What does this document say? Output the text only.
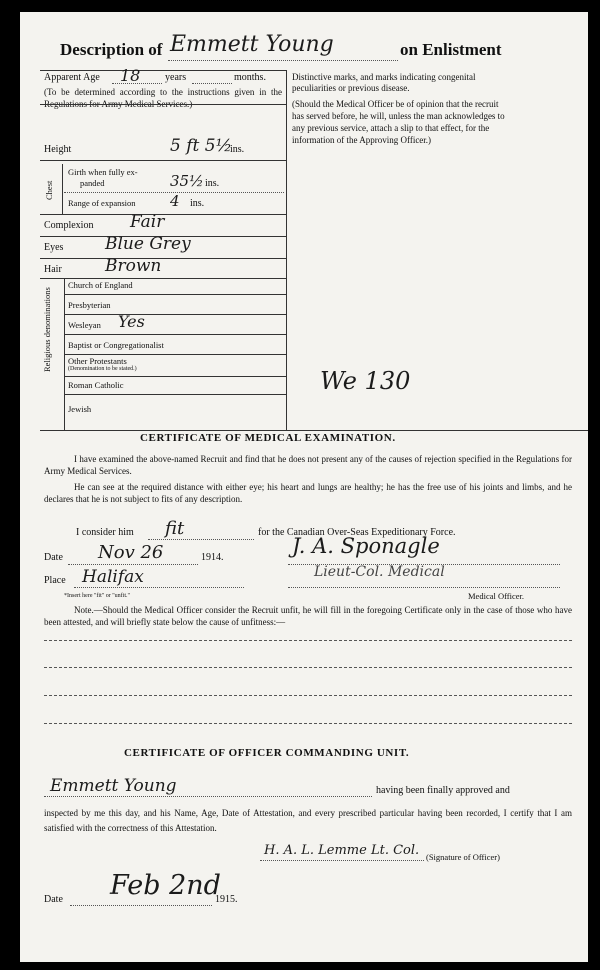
Description of Emmett Young	on Enlistment
Apparent Age 18 years	months.
(To be determined according to the instructions given in the Regulations for Army Medical Services.)
Height	5 ft 5½
ins.
Chest
Girth when fully ex-
panded	35½ ins.
Range of expansion 4 ins.
Complexion Fair
Eyes Blue Grey
Hair	Brown
Religious denominations
Church of England
Presbyterian
Wesleyan Yes
Baptist or Congregationalist
Other Protestants
(Denomination to be stated.)
Roman Catholic
Jewish
Distinctive marks, and marks indicating congenital peculiarities or previous disease.
(Should the Medical Officer be of opinion that the recruit has served before, he will, unless the man acknowledges to any previous service, attach a slip to that effect, for the information of the Approving Officer.)
We 130
CERTIFICATE OF MEDICAL EXAMINATION.
I have examined the above-named Recruit and find that he does not present any of the causes of rejection specified in the Regulations for Army Medical Services.
He can see at the required distance with either eye; his heart and lungs are healthy; he has the free use of his joints and limbs, and he declares that he is not subject to fits of any description.
I consider him fit	for the Canadian Over-Seas Expeditionary Force.
Date Nov 26	1914.	J. A. Sponagle
Place Halifax	Lieut-Col. Medical
Medical Officer.
*Insert here "fit" or "unfit."
Note.—Should the Medical Officer consider the Recruit unfit, he will fill in the foregoing Certificate only in the case of those who have been attested, and will briefly state below the cause of unfitness:—
CERTIFICATE OF OFFICER COMMANDING UNIT.
Emmett Young	having been finally approved and
inspected by me this day, and his Name, Age, Date of Attestation, and every prescribed particular having been recorded, I certify that I am satisfied with the correctness of this Attestation.
H. A. L. Lemme Lt. Col. (Signature of Officer)
Date Feb 2nd
1915.
